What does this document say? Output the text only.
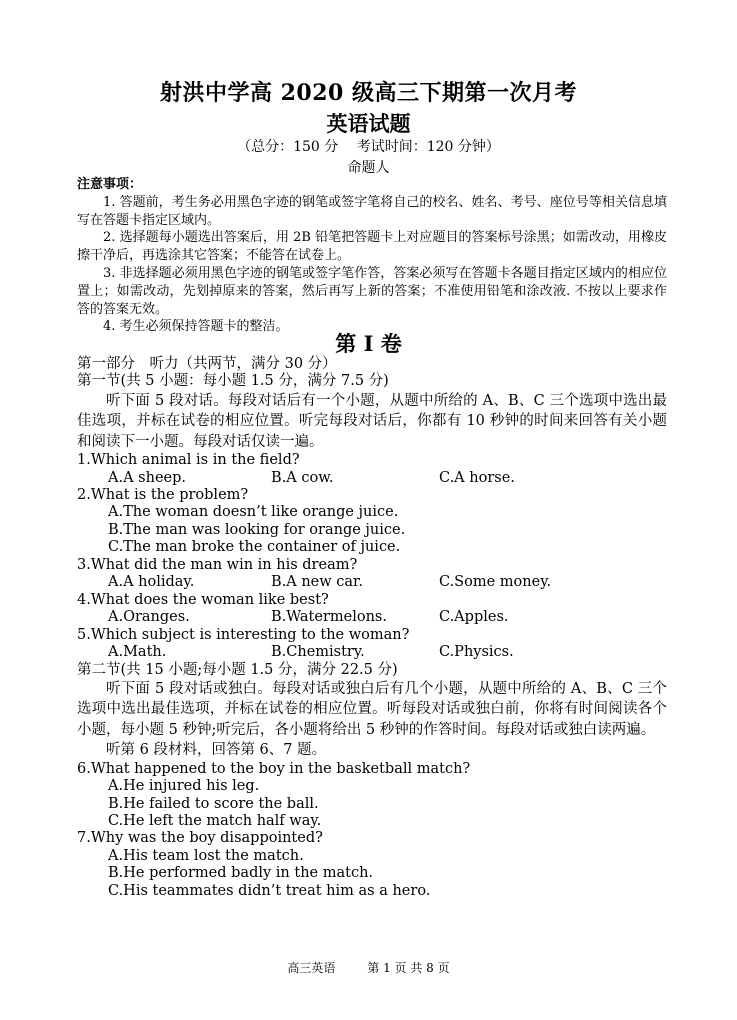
射洪中学高 2020 级高三下期第一次月考
英语试题
（总分：150 分　 考试时间：120 分钟）
命题人
注意事项：
1. 答题前，考生务必用黑色字迹的钢笔或签字笔将自己的校名、姓名、考号、座位号等相关信息填写在答题卡指定区域内。
2. 选择题每小题选出答案后，用 2B 铅笔把答题卡上对应题目的答案标号涂黑；如需改动，用橡皮擦干净后，再选涂其它答案；不能答在试卷上。
3. 非选择题必须用黑色字迹的钢笔或签字笔作答，答案必须写在答题卡各题目指定区域内的相应位置上；如需改动，先划掉原来的答案，然后再写上新的答案；不准使用铅笔和涂改液. 不按以上要求作答的答案无效。
4. 考生必须保持答题卡的整洁。
第 I 卷
第一部分　听力（共两节，满分 30 分）
第一节(共 5 小题：每小题 1.5 分，满分 7.5 分)
听下面 5 段对话。每段对话后有一个小题，从题中所给的 A、B、C 三个选项中选出最佳选项，并标在试卷的相应位置。听完每段对话后，你都有 10 秒钟的时间来回答有关小题和阅读下一小题。每段对话仅读一遍。
1.Which animal is in the field?
A.A sheep.	B.A cow.	C.A horse.
2.What is the problem?
A.The woman doesn’t like orange juice.
B.The man was looking for orange juice.
C.The man broke the container of juice.
3.What did the man win in his dream?
A.A holiday.	B.A new car.	C.Some money.
4.What does the woman like best?
A.Oranges.	B.Watermelons.	C.Apples.
5.Which subject is interesting to the woman?
A.Math.	B.Chemistry.	C.Physics.
第二节(共 15 小题;每小题 1.5 分，满分 22.5 分)
听下面 5 段对话或独白。每段对话或独白后有几个小题，从题中所给的 A、B、C 三个选项中选出最佳选项，并标在试卷的相应位置。听每段对话或独白前，你将有时间阅读各个小题，每小题 5 秒钟;听完后，各小题将给出 5 秒钟的作答时间。每段对话或独白读两遍。
听第 6 段材料，回答第 6、7 题。
6.What happened to the boy in the basketball match?
A.He injured his leg.
B.He failed to score the ball.
C.He left the match half way.
7.Why was the boy disappointed?
A.His team lost the match.
B.He performed badly in the match.
C.His teammates didn’t treat him as a hero.
高三英语	第 1 页 共 8 页
